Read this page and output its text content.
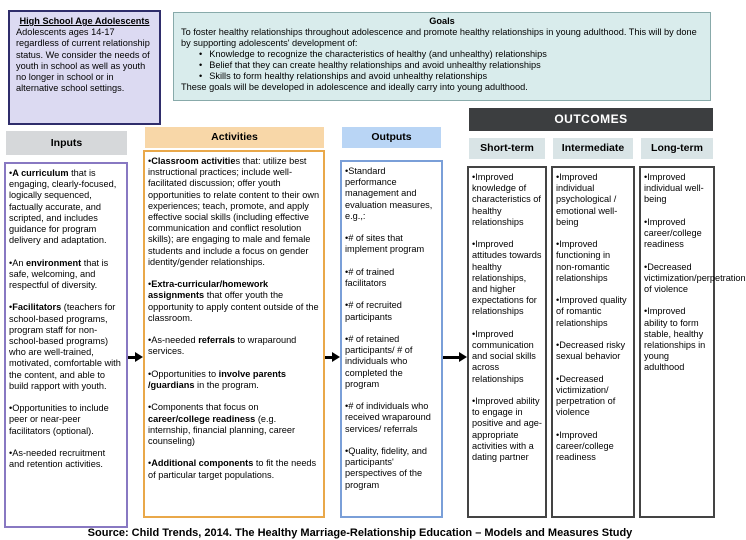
High School Age Adolescents
Adolescents ages 14-17 regardless of current relationship status. We consider the needs of youth in school as well as youth no longer in school or in alternative school settings.
Goals
To foster healthy relationships throughout adolescence and promote healthy relationships in young adulthood. This will by done by supporting adolescents' development of:
• Knowledge to recognize the characteristics of healthy (and unhealthy) relationships
• Belief that they can create healthy relationships and avoid unhealthy relationships
• Skills to form healthy relationships and avoid unhealthy relationships
These goals will be developed in adolescence and ideally carry into young adulthood.
Inputs	Activities	Outputs
OUTCOMES
Short-term	Intermediate	Long-term

•A curriculum that is engaging, clearly-focused, logically sequenced, factually accurate, and scripted, and includes guidance for program delivery and adaptation.

•An environment that is safe, welcoming, and respectful of diversity.

•Facilitators (teachers for school-based programs, program staff for non-school-based programs) who are well-trained, motivated, comfortable with the content, and able to build rapport with youth.

•Opportunities to include peer or near-peer facilitators (optional).

•As-needed recruitment and retention activities.

•Classroom activities that: utilize best instructional practices; include well-facilitated discussion; offer youth opportunities to relate content to their own experiences; teach, promote, and apply effective social skills (including effective communication and conflict resolution skills); are engaging to male and female students and include a focus on gender identity/gender relationships.

•Extra-curricular/homework assignments that offer youth the opportunity to apply content outside of the classroom.

•As-needed referrals to wraparound services.

•Opportunities to involve parents /guardians in the program.

•Components that focus on career/college readiness (e.g. internship, financial planning, career counseling)

•Additional components to fit the needs of particular target populations.

•Standard performance management and evaluation measures, e.g.,:

•# of sites that implement program

•# of trained facilitators

•# of recruited participants

•# of retained participants/ # of individuals who completed the program

•# of individuals who received wraparound services/ referrals

•Quality, fidelity, and participants' perspectives of the program

•Improved knowledge of characteristics of healthy relationships

•Improved attitudes towards healthy relationships, and higher expectations for relationships

•Improved communication and social skills across relationships

•Improved ability to engage in positive and age-appropriate activities with a dating partner

•Improved individual psychological / emotional well-being

•Improved functioning in non-romantic relationships

•Improved quality of romantic relationships

•Decreased risky sexual behavior

•Decreased victimization/ perpetration of violence

•Improved career/college readiness

•Improved individual well-being

•Improved career/college readiness

•Decreased victimization/perpetration of violence

•Improved ability to form stable, healthy relationships in young adulthood

Source: Child Trends, 2014. The Healthy Marriage-Relationship Education – Models and Measures Study
